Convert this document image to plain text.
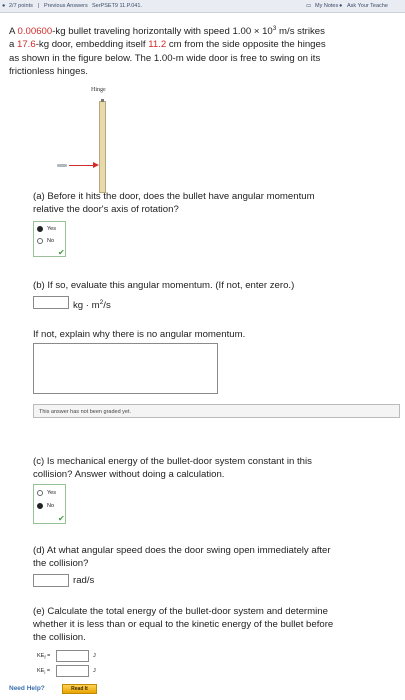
● 2/7 points | Previous Answers SerPSET9 11.P.041.	▭ My Notes ● Ask Your Teache
A 0.00600-kg bullet traveling horizontally with speed $1.00 \times 10^3$ m/s strikes
a 17.6-kg door, embedding itself 11.2 cm from the side opposite the hinges
as shown in the figure below. The 1.00-m wide door is free to swing on its
frictionless hinges.
Hinge
(a) Before it hits the door, does the bullet have angular momentum
relative the door's axis of rotation?
Yes
No
✔
(b) If so, evaluate this angular momentum. (If not, enter zero.)
kg · $m^2/s$
If not, explain why there is no angular momentum.
This answer has not been graded yet.
(c) Is mechanical energy of the bullet-door system constant in this
collision? Answer without doing a calculation.
Yes
No
✔
(d) At what angular speed does the door swing open immediately after
the collision?
rad/s
(e) Calculate the total energy of the bullet-door system and determine
whether it is less than or equal to the kinetic energy of the bullet before
the collision.
$KE_f$ =	J
$KE_i$ =	J
Need Help?	Read It
